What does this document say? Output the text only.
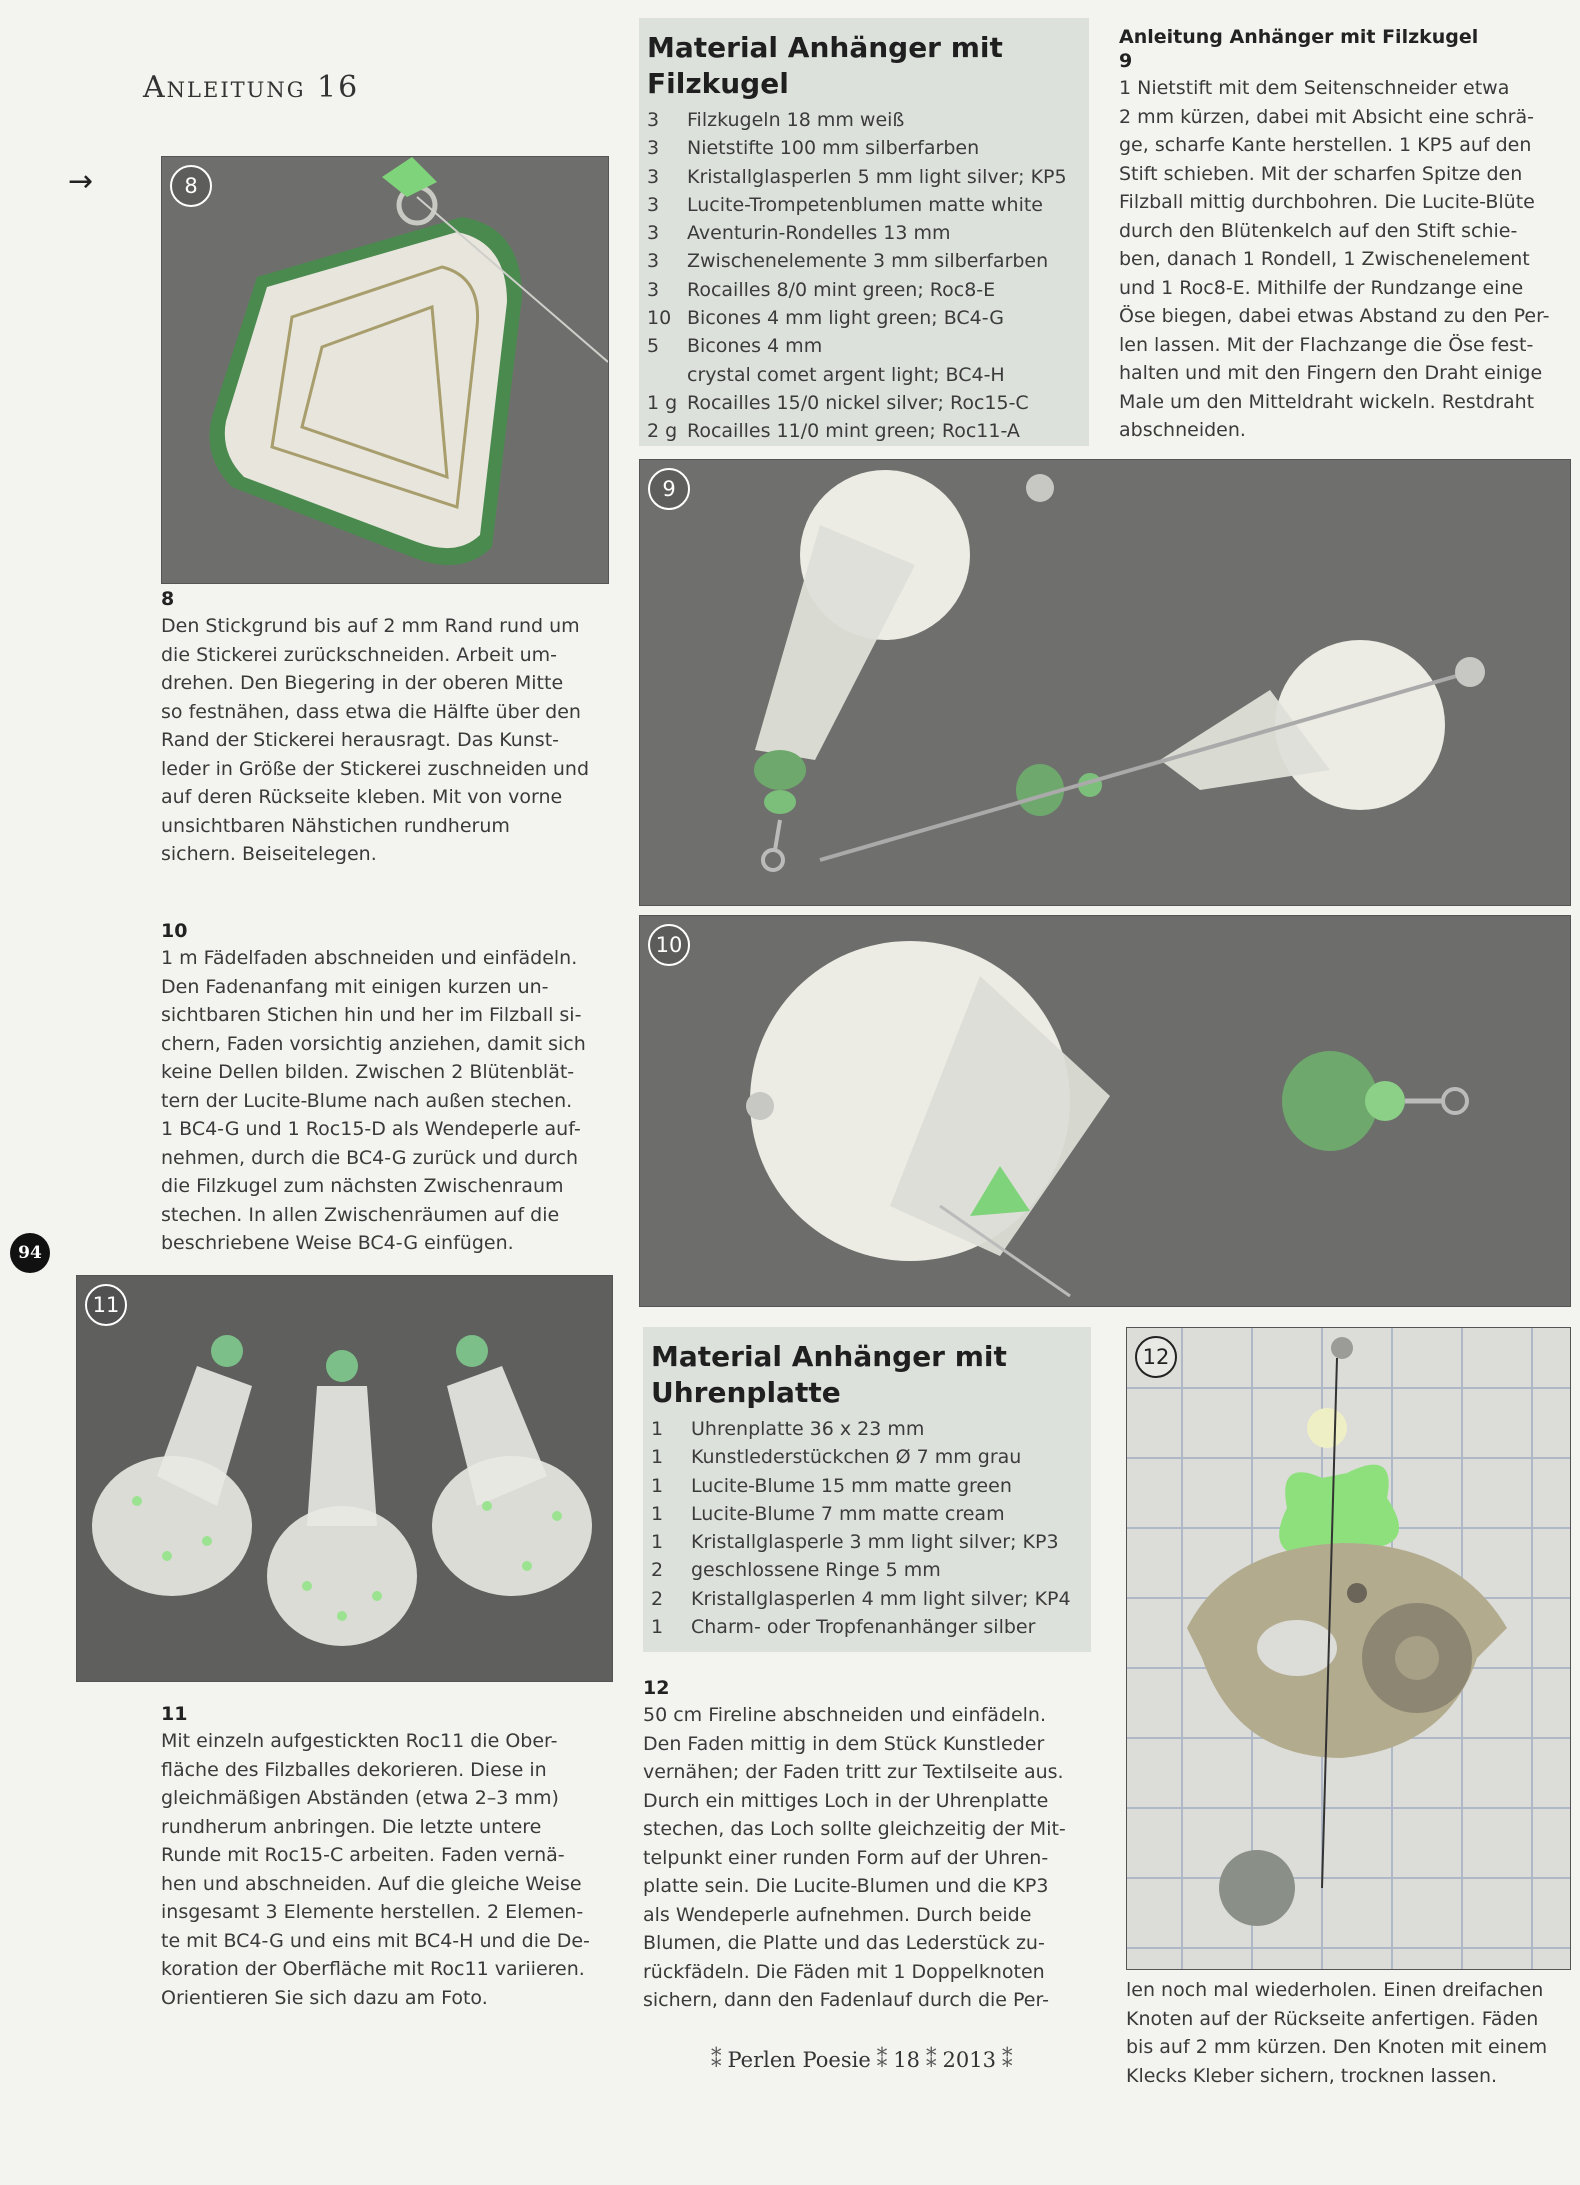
Anleitung 16
→
94
8
8
Den Stickgrund bis auf 2 mm Rand rund um
die Stickerei zurückschneiden. Arbeit um-
drehen. Den Biegering in der oberen Mitte
so festnähen, dass etwa die Hälfte über den
Rand der Stickerei herausragt. Das Kunst-
leder in Größe der Stickerei zuschneiden und
auf deren Rückseite kleben. Mit von vorne
unsichtbaren Nähstichen rundherum
sichern. Beiseitelegen.
10
1 m Fädelfaden abschneiden und einfädeln.
Den Fadenanfang mit einigen kurzen un-
sichtbaren Stichen hin und her im Filzball si-
chern, Faden vorsichtig anziehen, damit sich
keine Dellen bilden. Zwischen 2 Blütenblät-
tern der Lucite-Blume nach außen stechen.
1 BC4-G und 1 Roc15-D als Wendeperle auf-
nehmen, durch die BC4-G zurück und durch
die Filzkugel zum nächsten Zwischenraum
stechen. In allen Zwischenräumen auf die
beschriebene Weise BC4-G einfügen.
11
11
Mit einzeln aufgestickten Roc11 die Ober-
fläche des Filzballes dekorieren. Diese in
gleichmäßigen Abständen (etwa 2–3 mm)
rundherum anbringen. Die letzte untere
Runde mit Roc15-C arbeiten. Faden vernä-
hen und abschneiden. Auf die gleiche Weise
insgesamt 3 Elemente herstellen. 2 Elemen-
te mit BC4-G und eins mit BC4-H und die De-
koration der Oberfläche mit Roc11 variieren.
Orientieren Sie sich dazu am Foto.
Material Anhänger mit
Filzkugel
3	Filzkugeln 18 mm weiß
3	Nietstifte 100 mm silberfarben
3	Kristallglasperlen 5 mm light silver; KP5
3	Lucite-Trompetenblumen matte white
3	Aventurin-Rondelles 13 mm
3	Zwischenelemente 3 mm silberfarben
3	Rocailles 8/0 mint green; Roc8-E
10 Bicones 4 mm light green; BC4-G
5	Bicones 4 mm
crystal comet argent light; BC4-H
1 g Rocailles 15/0 nickel silver; Roc15-C
2 g Rocailles 11/0 mint green; Roc11-A
Anleitung Anhänger mit Filzkugel
9
1 Nietstift mit dem Seitenschneider etwa
2 mm kürzen, dabei mit Absicht eine schrä-
ge, scharfe Kante herstellen. 1 KP5 auf den
Stift schieben. Mit der scharfen Spitze den
Filzball mittig durchbohren. Die Lucite-Blüte
durch den Blütenkelch auf den Stift schie-
ben, danach 1 Rondell, 1 Zwischenelement
und 1 Roc8-E. Mithilfe der Rundzange eine
Öse biegen, dabei etwas Abstand zu den Per-
len lassen. Mit der Flachzange die Öse fest-
halten und mit den Fingern den Draht einige
Male um den Mitteldraht wickeln. Restdraht
abschneiden.
9
10
Material Anhänger mit
Uhrenplatte
1	Uhrenplatte 36 x 23 mm
1	Kunstlederstückchen Ø 7 mm grau
1	Lucite-Blume 15 mm matte green
1	Lucite-Blume 7 mm matte cream
1	Kristallglasperle 3 mm light silver; KP3
2	geschlossene Ringe 5 mm
2	Kristallglasperlen 4 mm light silver; KP4
1	Charm- oder Tropfenanhänger silber
12
50 cm Fireline abschneiden und einfädeln.
Den Faden mittig in dem Stück Kunstleder
vernähen; der Faden tritt zur Textilseite aus.
Durch ein mittiges Loch in der Uhrenplatte
stechen, das Loch sollte gleichzeitig der Mit-
telpunkt einer runden Form auf der Uhren-
platte sein. Die Lucite-Blumen und die KP3
als Wendeperle aufnehmen. Durch beide
Blumen, die Platte und das Lederstück zu-
rückfädeln. Die Fäden mit 1 Doppelknoten
sichern, dann den Fadenlauf durch die Per-
12
len noch mal wiederholen. Einen dreifachen
Knoten auf der Rückseite anfertigen. Fäden
bis auf 2 mm kürzen. Den Knoten mit einem
Klecks Kleber sichern, trocknen lassen.
⁑ Perlen Poesie ⁑ 18 ⁑ 2013 ⁑
